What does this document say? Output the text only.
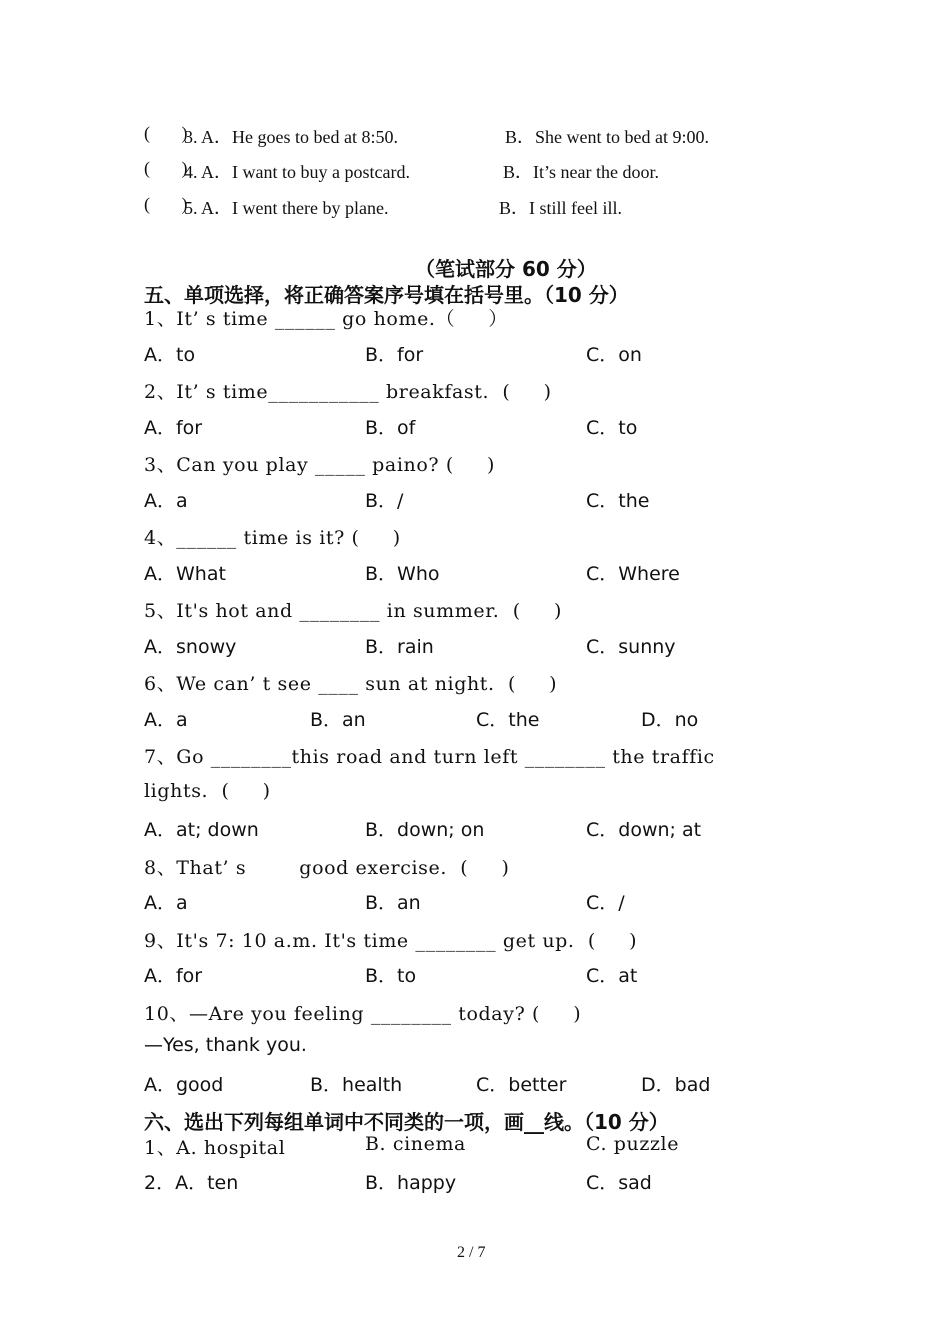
(       )
3. A．He goes to bed at 8:50.	B．She went to bed at 9:00.
(       )
4. A．I want to buy a postcard.	B．It’s near the door.
(       )
5. A．I went there by plane.	B．I still feel ill.
（笔试部分 60 分）
五、单项选择，将正确答案序号填在括号里。（10 分）
1、It’ s time ______ go home.（     ）
A．to	B．for	C．on
2、It’ s time___________ breakfast.  (     )
A．for	B．of	C．to
3、Can you play _____ paino? (     )
A．a	B．/	C．the
4、______ time is it? (     )
A．What	B．Who	C．Where
5、It's hot and ________ in summer.  (     )
A．snowy	B．rain	C．sunny
6、We can’ t see ____ sun at night.  (     )
A．a	B．an	C．the	D．no
7、Go ________this road and turn left ________ the traffic
lights.  (     )
A．at; down	B．down; on	C．down; at
8、That’ s        good exercise.  (     )
A．a	B．an	C．/
9、It's 7: 10 a.m. It's time ________ get up.  (     )
A．for	B．to	C．at
10、—Are you feeling ________ today? (     )
—Yes, thank you.
A．good	B．health	C．better	D．bad
六、选出下列每组单词中不同类的一项，画__线。（10 分）
1、A. hospital	B. cinema	C. puzzle
2．A．ten	B．happy	C．sad
2 / 7
